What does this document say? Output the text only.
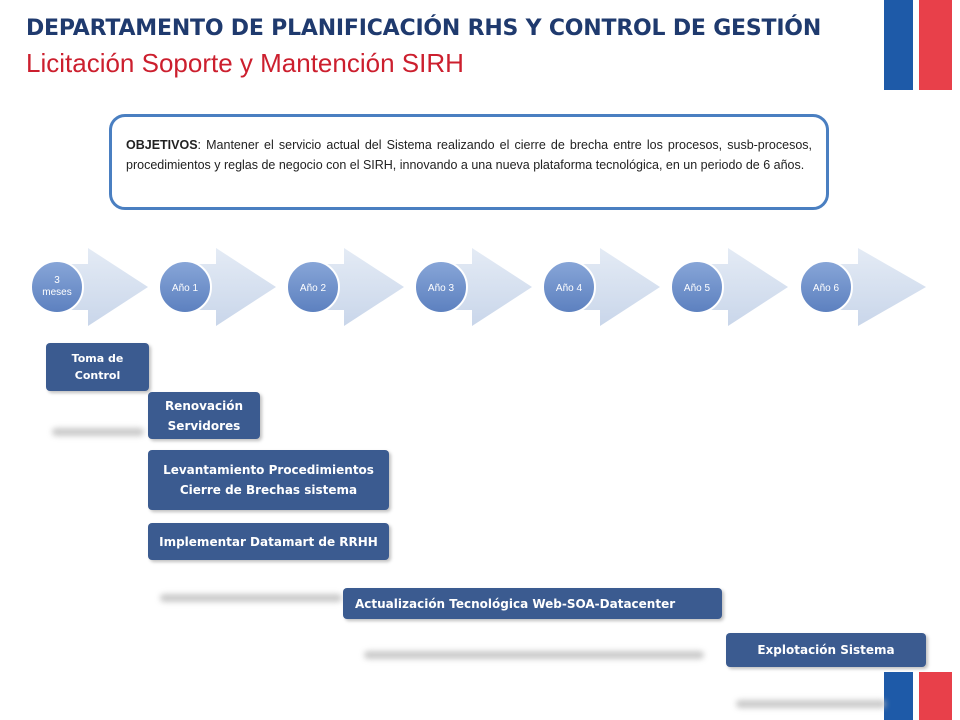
DEPARTAMENTO DE PLANIFICACIÓN RHS Y CONTROL DE GESTIÓN
Licitación Soporte y Mantención SIRH
OBJETIVOS: Mantener el servicio actual del Sistema realizando el cierre de brecha entre los procesos, susb-procesos, procedimientos y reglas de negocio con el SIRH, innovando a una nueva plataforma tecnológica, en un periodo de 6 años.
3
meses	Año 1	Año 2	Año 3	Año 4	Año 5	Año 6
Toma de
Control
Renovación
Servidores
Levantamiento Procedimientos
Cierre de Brechas sistema
Implementar Datamart de RRHH
Actualización Tecnológica Web-SOA-Datacenter
Explotación Sistema
